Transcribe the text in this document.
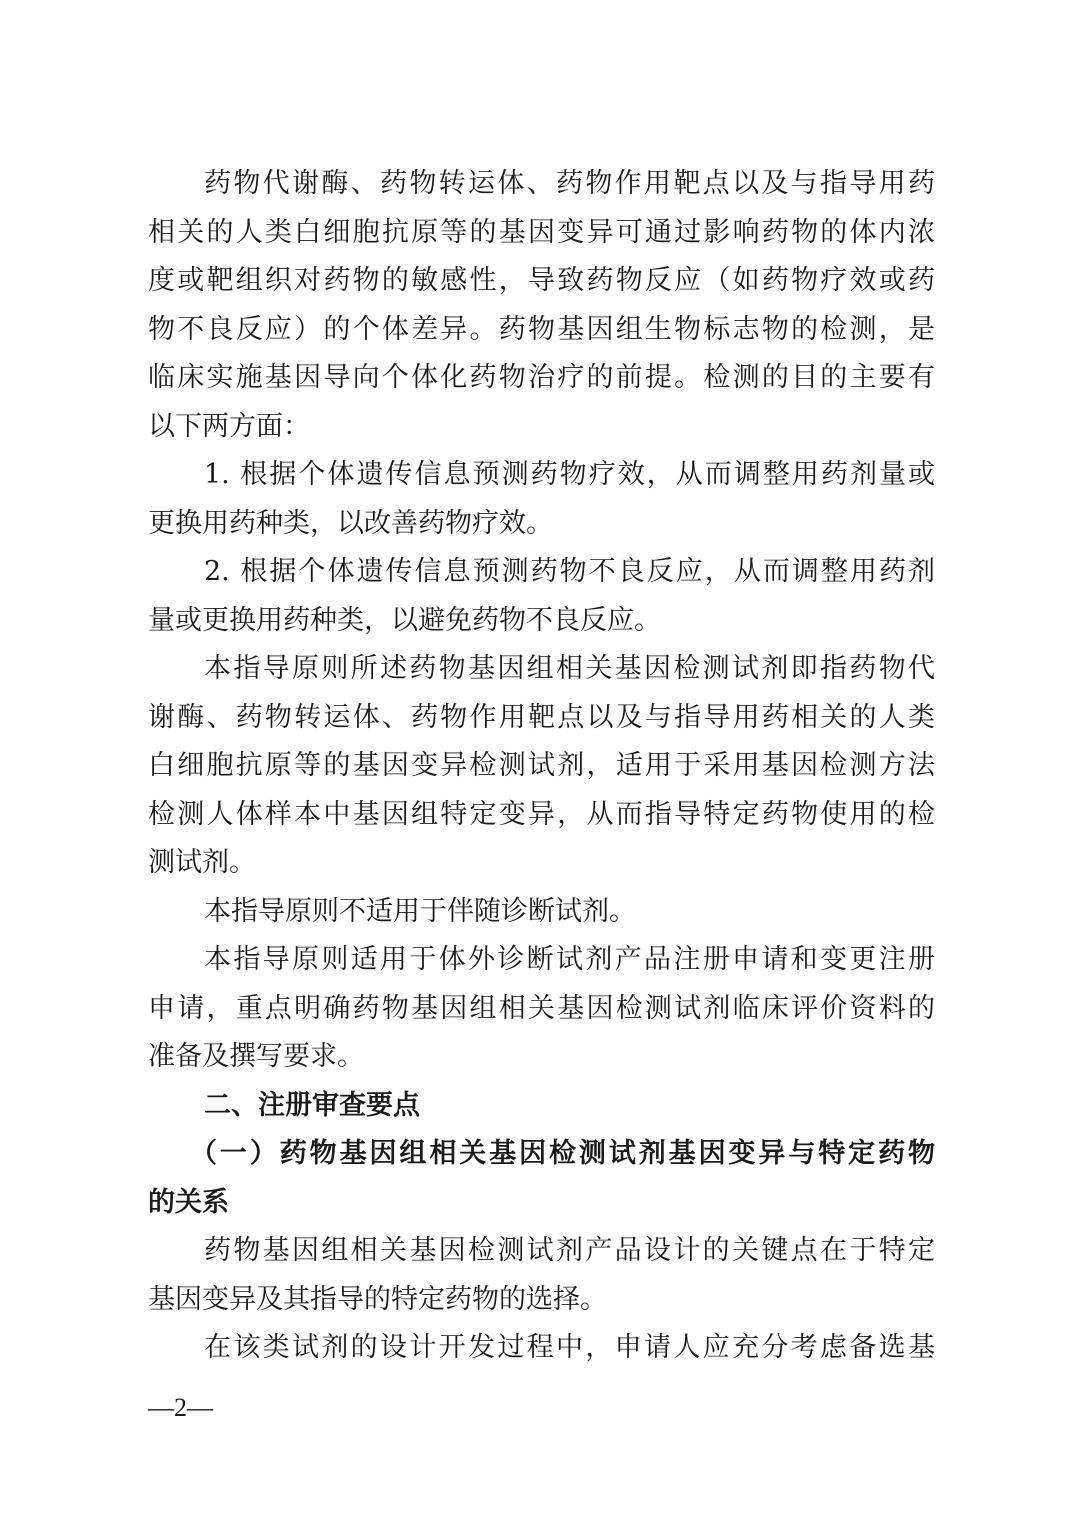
药物代谢酶、药物转运体、药物作用靶点以及与指导用药
相关的人类白细胞抗原等的基因变异可通过影响药物的体内浓
度或靶组织对药物的敏感性，导致药物反应（如药物疗效或药
物不良反应）的个体差异。药物基因组生物标志物的检测，是
临床实施基因导向个体化药物治疗的前提。检测的目的主要有
以下两方面：
1. 根据个体遗传信息预测药物疗效，从而调整用药剂量或
更换用药种类，以改善药物疗效。
2. 根据个体遗传信息预测药物不良反应，从而调整用药剂
量或更换用药种类，以避免药物不良反应。
本指导原则所述药物基因组相关基因检测试剂即指药物代
谢酶、药物转运体、药物作用靶点以及与指导用药相关的人类
白细胞抗原等的基因变异检测试剂，适用于采用基因检测方法
检测人体样本中基因组特定变异，从而指导特定药物使用的检
测试剂。
本指导原则不适用于伴随诊断试剂。
本指导原则适用于体外诊断试剂产品注册申请和变更注册
申请，重点明确药物基因组相关基因检测试剂临床评价资料的
准备及撰写要求。
二、注册审查要点
（一）药物基因组相关基因检测试剂基因变异与特定药物
的关系
药物基因组相关基因检测试剂产品设计的关键点在于特定
基因变异及其指导的特定药物的选择。
在该类试剂的设计开发过程中，申请人应充分考虑备选基
—2—
